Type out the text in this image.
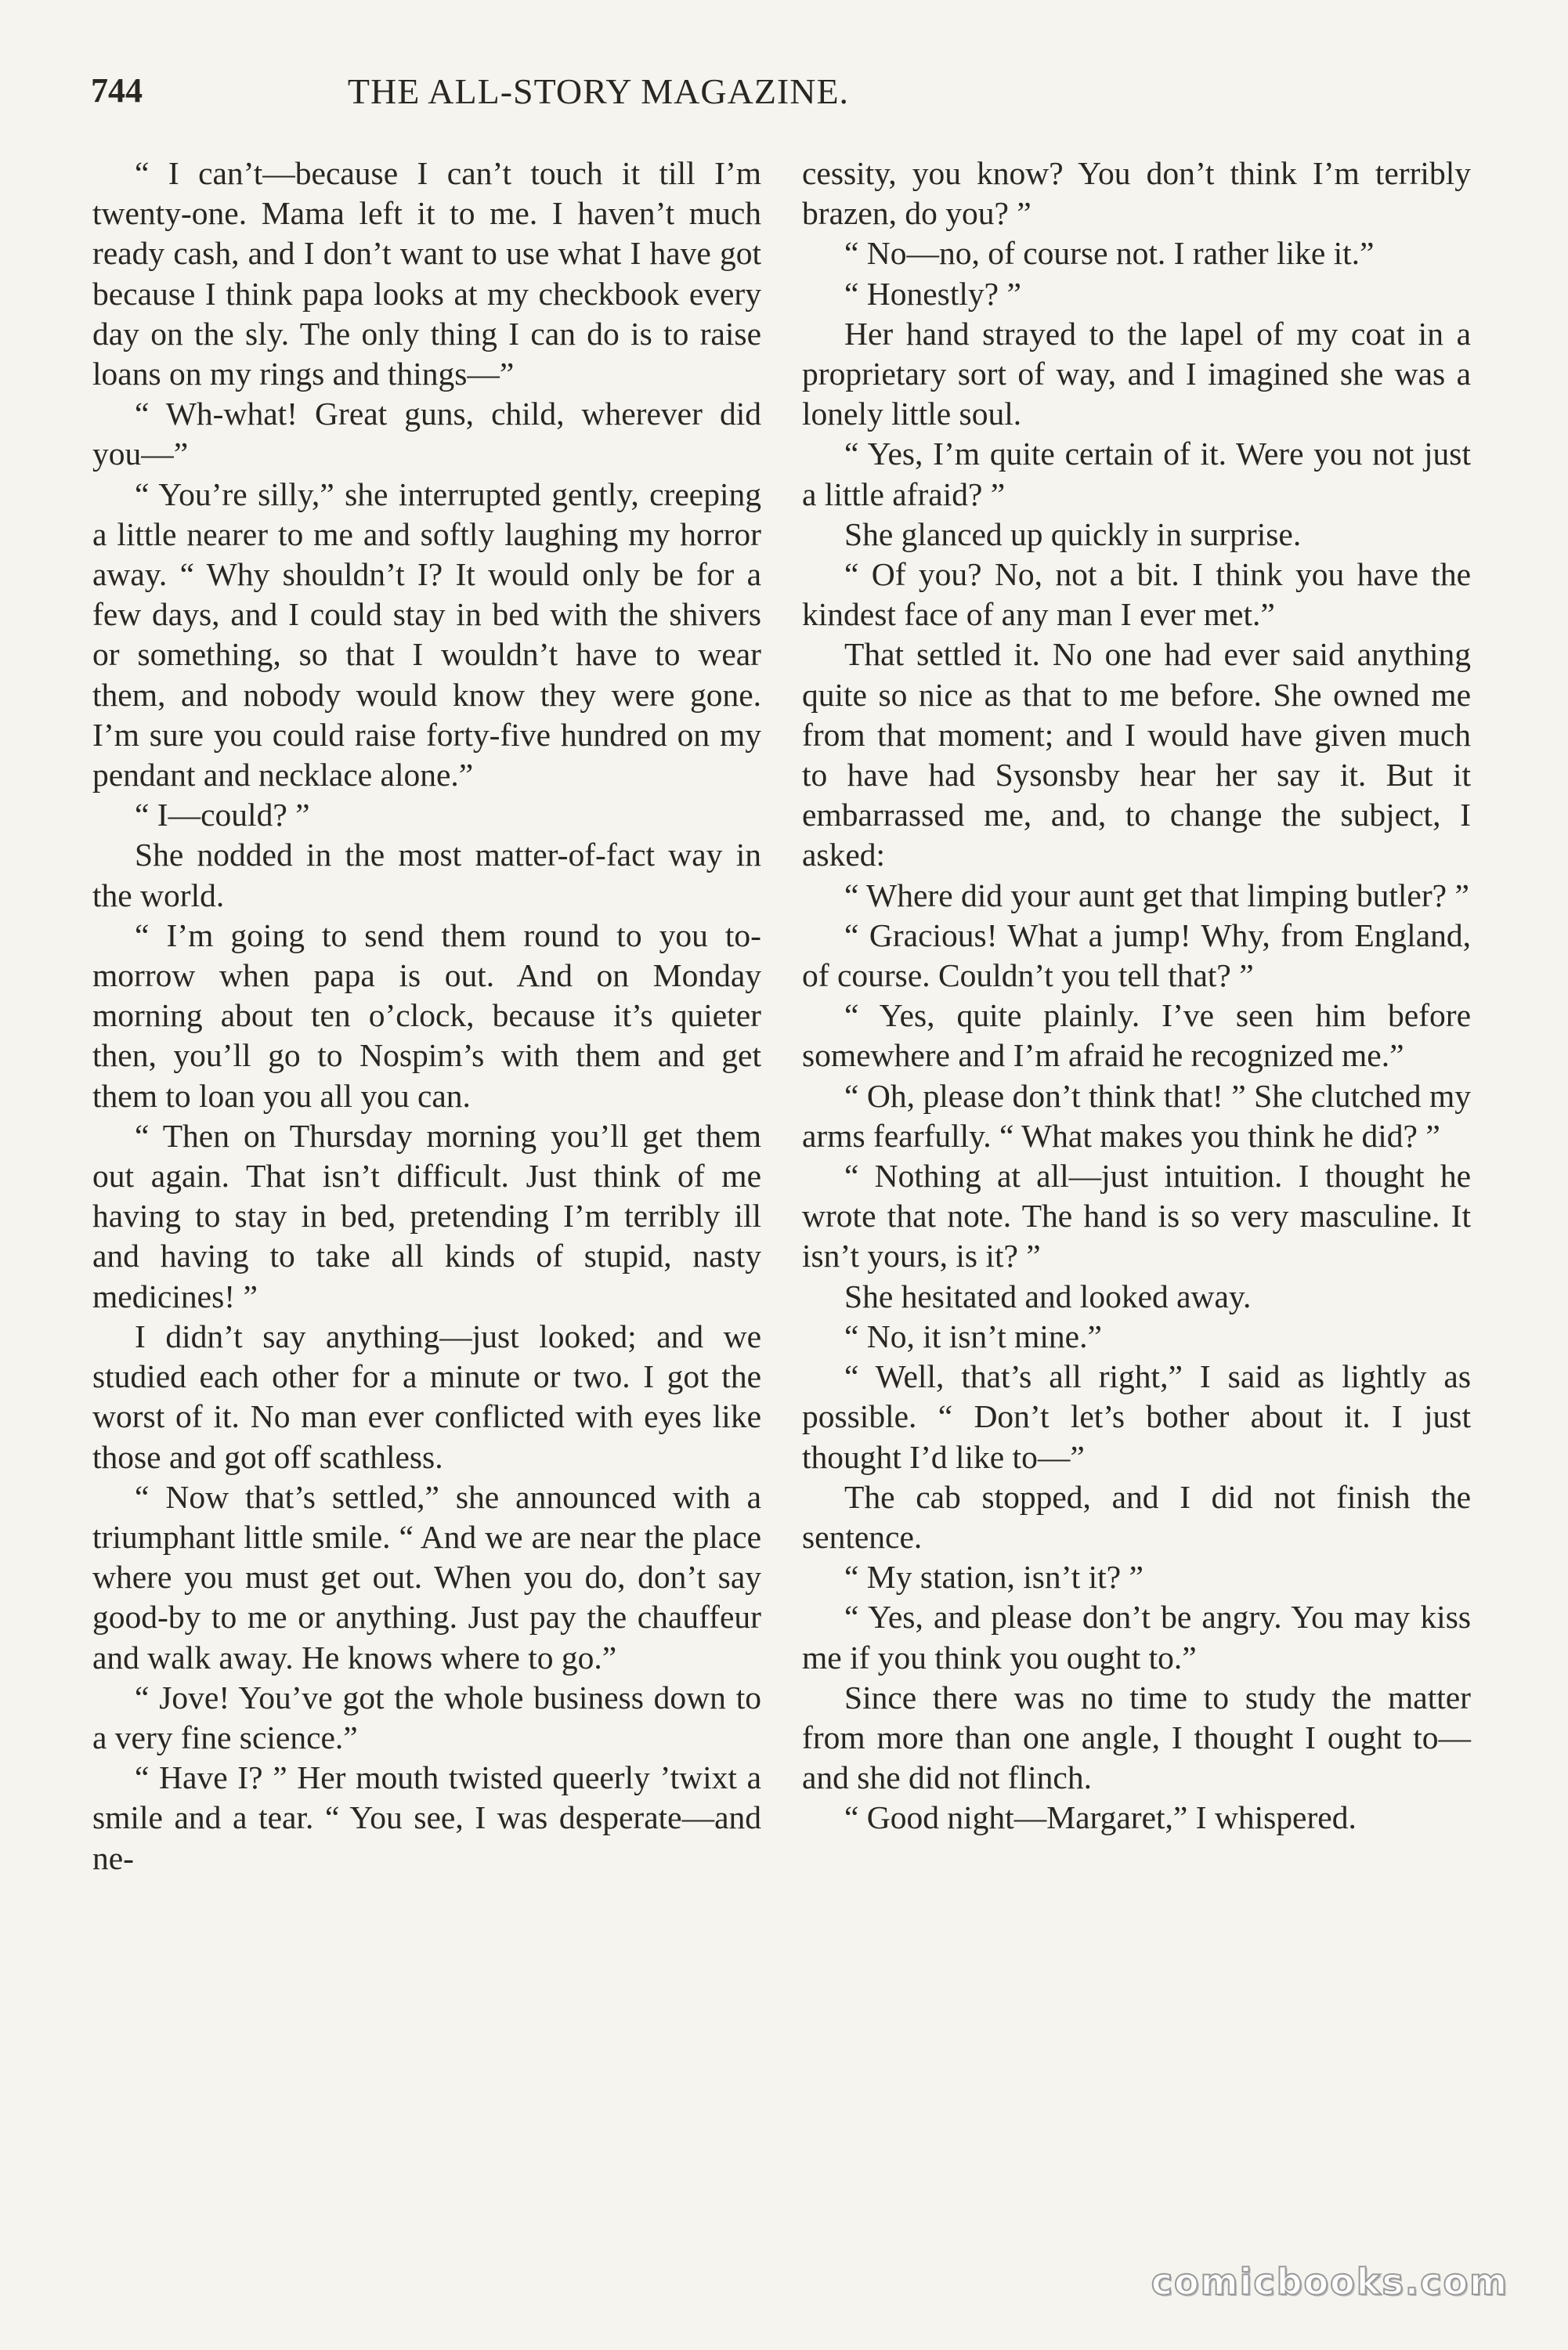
744	THE ALL-STORY MAGAZINE.

“ I can’t—because I can’t touch it till I’m twenty-one. Mama left it to me. I haven’t much ready cash, and I don’t want to use what I have got because I think papa looks at my checkbook every day on the sly. The only thing I can do is to raise loans on my rings and things—”

“ Wh-what! Great guns, child, wherever did you—”

“ You’re silly,” she interrupted gently, creeping a little nearer to me and softly laughing my horror away. “ Why shouldn’t I? It would only be for a few days, and I could stay in bed with the shivers or something, so that I wouldn’t have to wear them, and nobody would know they were gone. I’m sure you could raise forty-five hundred on my pendant and necklace alone.”

“ I—could? ”

She nodded in the most matter-of-fact way in the world.

“ I’m going to send them round to you to-morrow when papa is out. And on Monday morning about ten o’clock, because it’s quieter then, you’ll go to Nospim’s with them and get them to loan you all you can.

“ Then on Thursday morning you’ll get them out again. That isn’t difficult. Just think of me having to stay in bed, pretending I’m terribly ill and having to take all kinds of stupid, nasty medicines! ”

I didn’t say anything—just looked; and we studied each other for a minute or two. I got the worst of it. No man ever conflicted with eyes like those and got off scathless.

“ Now that’s settled,” she announced with a triumphant little smile. “ And we are near the place where you must get out. When you do, don’t say good-by to me or anything. Just pay the chauffeur and walk away. He knows where to go.”

“ Jove! You’ve got the whole business down to a very fine science.”

“ Have I? ” Her mouth twisted queerly ’twixt a smile and a tear. “ You see, I was desperate—and ne-

cessity, you know? You don’t think I’m terribly brazen, do you? ”

“ No—no, of course not. I rather like it.”

“ Honestly? ”

Her hand strayed to the lapel of my coat in a proprietary sort of way, and I imagined she was a lonely little soul.

“ Yes, I’m quite certain of it. Were you not just a little afraid? ”

She glanced up quickly in surprise.

“ Of you? No, not a bit. I think you have the kindest face of any man I ever met.”

That settled it. No one had ever said anything quite so nice as that to me before. She owned me from that moment; and I would have given much to have had Sysonsby hear her say it. But it embarrassed me, and, to change the subject, I asked:

“ Where did your aunt get that limping butler? ”

“ Gracious! What a jump! Why, from England, of course. Couldn’t you tell that? ”

“ Yes, quite plainly. I’ve seen him before somewhere and I’m afraid he recognized me.”

“ Oh, please don’t think that! ” She clutched my arms fearfully. “ What makes you think he did? ”

“ Nothing at all—just intuition. I thought he wrote that note. The hand is so very masculine. It isn’t yours, is it? ”

She hesitated and looked away.

“ No, it isn’t mine.”

“ Well, that’s all right,” I said as lightly as possible. “ Don’t let’s bother about it. I just thought I’d like to—”

The cab stopped, and I did not finish the sentence.

“ My station, isn’t it? ”

“ Yes, and please don’t be angry. You may kiss me if you think you ought to.”

Since there was no time to study the matter from more than one angle, I thought I ought to—and she did not flinch.

“ Good night—Margaret,” I whispered.

comicbooks.com
